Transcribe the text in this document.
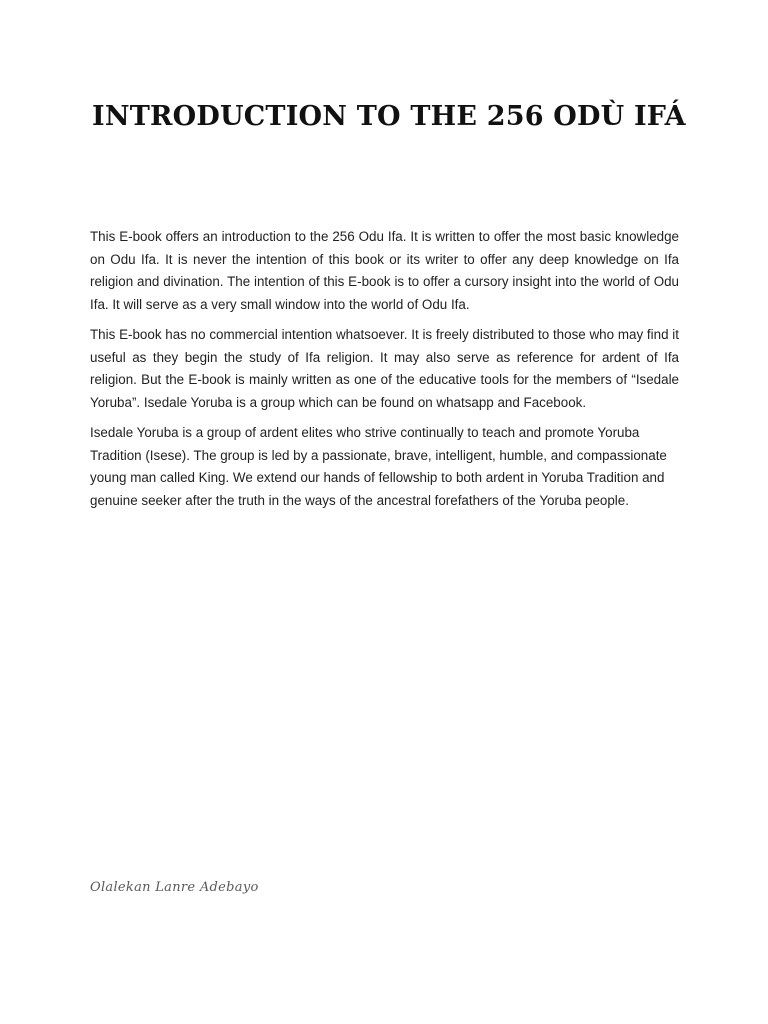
INTRODUCTION TO THE 256 ODÙ IFÁ

This E-book offers an introduction to the 256 Odu Ifa. It is written to offer the most basic knowledge on Odu Ifa. It is never the intention of this book or its writer to offer any deep knowledge on Ifa religion and divination. The intention of this E-book is to offer a cursory insight into the world of Odu Ifa. It will serve as a very small window into the world of Odu Ifa.

This E-book has no commercial intention whatsoever. It is freely distributed to those who may find it useful as they begin the study of Ifa religion. It may also serve as reference for ardent of Ifa religion. But the E-book is mainly written as one of the educative tools for the members of “Isedale Yoruba”. Isedale Yoruba is a group which can be found on whatsapp and Facebook.

Isedale Yoruba is a group of ardent elites who strive continually to teach and promote Yoruba Tradition (Isese). The group is led by a passionate, brave, intelligent, humble, and compassionate young man called King. We extend our hands of fellowship to both ardent in Yoruba Tradition and genuine seeker after the truth in the ways of the ancestral forefathers of the Yoruba people.

Olalekan Lanre Adebayo
